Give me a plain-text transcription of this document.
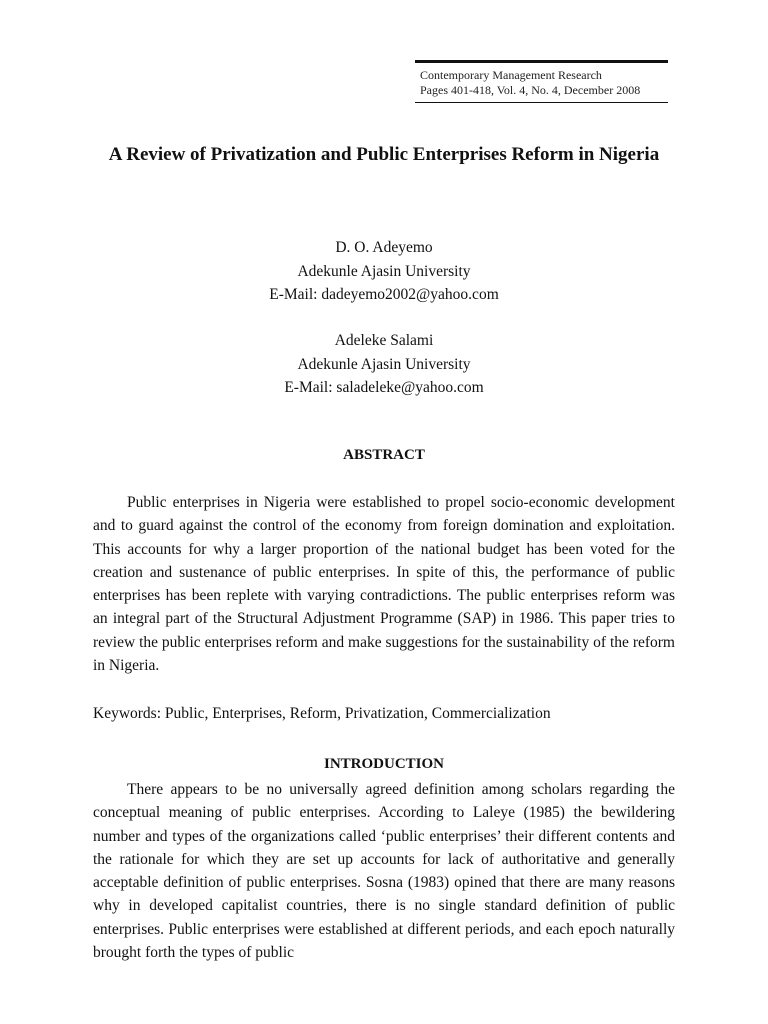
Contemporary Management Research
Pages 401-418, Vol. 4, No. 4, December 2008
A Review of Privatization and Public Enterprises Reform in Nigeria
D. O. Adeyemo
Adekunle Ajasin University
E-Mail: dadeyemo2002@yahoo.com
Adeleke Salami
Adekunle Ajasin University
E-Mail: saladeleke@yahoo.com
ABSTRACT

Public enterprises in Nigeria were established to propel socio-economic development and to guard against the control of the economy from foreign domination and exploitation. This accounts for why a larger proportion of the national budget has been voted for the creation and sustenance of public enterprises. In spite of this, the performance of public enterprises has been replete with varying contradictions. The public enterprises reform was an integral part of the Structural Adjustment Programme (SAP) in 1986. This paper tries to review the public enterprises reform and make suggestions for the sustainability of the reform in Nigeria.

Keywords: Public, Enterprises, Reform, Privatization, Commercialization

INTRODUCTION

There appears to be no universally agreed definition among scholars regarding the conceptual meaning of public enterprises. According to Laleye (1985) the bewildering number and types of the organizations called ‘public enterprises’ their different contents and the rationale for which they are set up accounts for lack of authoritative and generally acceptable definition of public enterprises. Sosna (1983) opined that there are many reasons why in developed capitalist countries, there is no single standard definition of public enterprises. Public enterprises were established at different periods, and each epoch naturally brought forth the types of public
